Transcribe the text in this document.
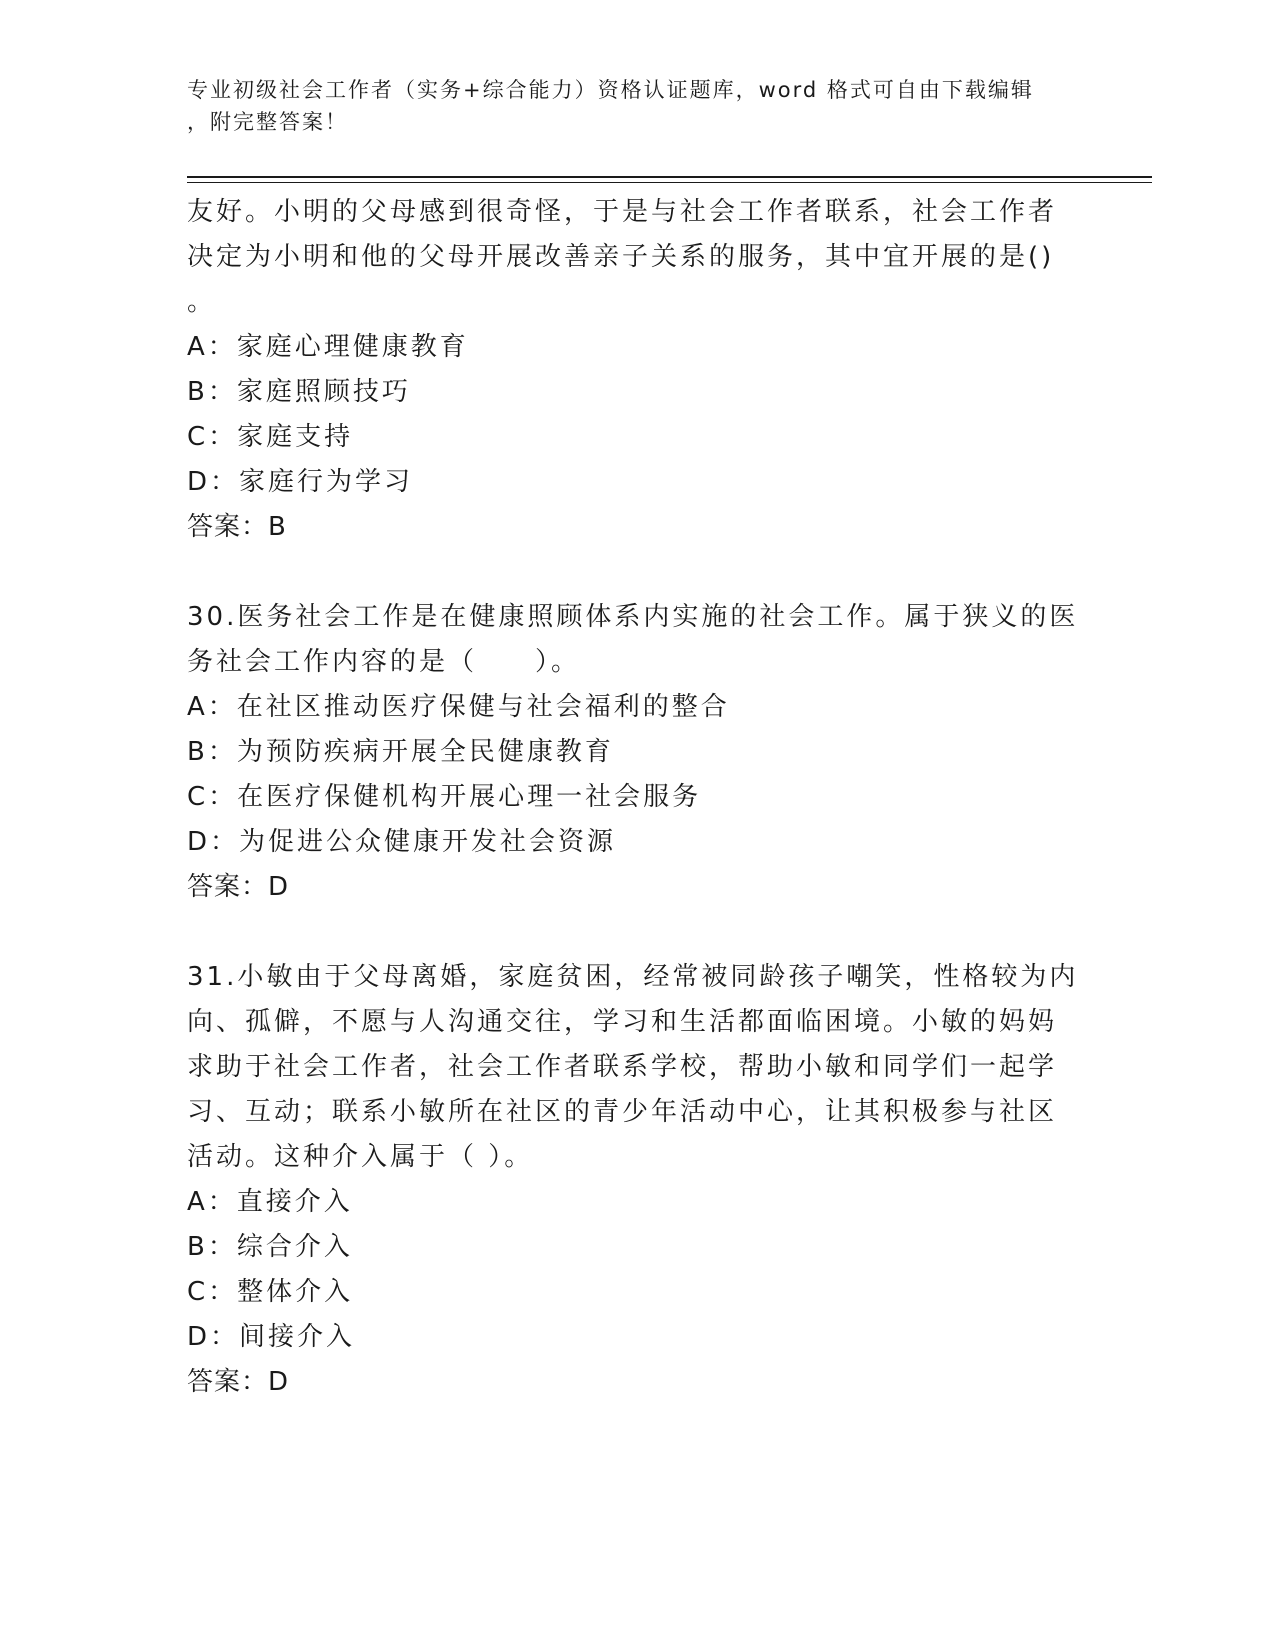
专业初级社会工作者（实务+综合能力）资格认证题库，word 格式可自由下载编辑
，附完整答案！

友好。小明的父母感到很奇怪，于是与社会工作者联系，社会工作者

决定为小明和他的父母开展改善亲子关系的服务，其中宜开展的是()

。

A：家庭心理健康教育

B：家庭照顾技巧

C：家庭支持

D：家庭行为学习

答案：B

30.医务社会工作是在健康照顾体系内实施的社会工作。属于狭义的医

务社会工作内容的是（　　）。

A：在社区推动医疗保健与社会福利的整合

B：为预防疾病开展全民健康教育

C：在医疗保健机构开展心理一社会服务

D：为促进公众健康开发社会资源

答案：D

31.小敏由于父母离婚，家庭贫困，经常被同龄孩子嘲笑，性格较为内

向、孤僻，不愿与人沟通交往，学习和生活都面临困境。小敏的妈妈

求助于社会工作者，社会工作者联系学校，帮助小敏和同学们一起学

习、互动；联系小敏所在社区的青少年活动中心，让其积极参与社区

活动。这种介入属于（ ）。

A：直接介入

B：综合介入

C：整体介入

D：间接介入

答案：D
